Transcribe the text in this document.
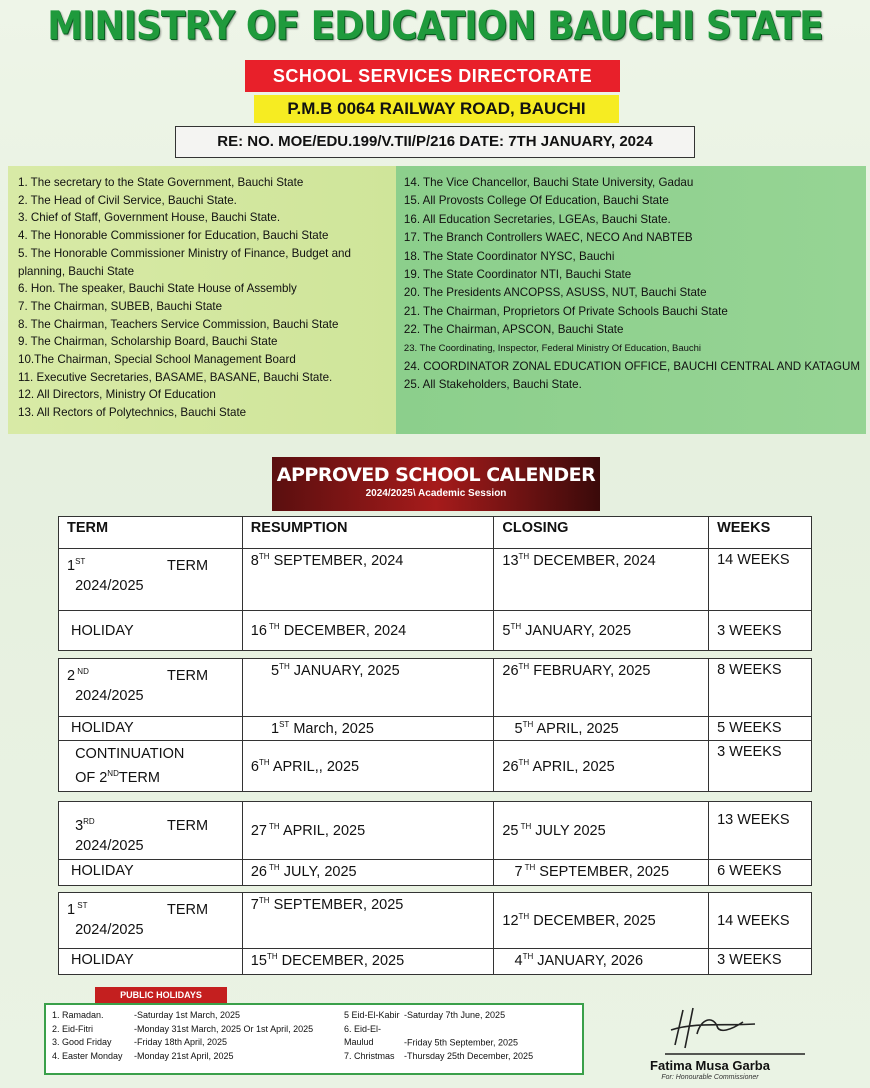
MINISTRY OF EDUCATION BAUCHI STATE
SCHOOL SERVICES DIRECTORATE
P.M.B 0064 RAILWAY ROAD, BAUCHI
RE: NO. MOE/EDU.199/V.TII/P/216 DATE: 7TH JANUARY, 2024
1. The secretary to the State Government, Bauchi State
2. The Head of Civil Service, Bauchi State.
3. Chief of Staff, Government House, Bauchi State.
4. The Honorable Commissioner for Education, Bauchi State
5. The Honorable Commissioner Ministry of Finance, Budget and planning, Bauchi State
6. Hon. The speaker, Bauchi State House of Assembly
7. The Chairman, SUBEB, Bauchi State
8. The Chairman, Teachers Service Commission, Bauchi State
9. The Chairman, Scholarship Board, Bauchi State
10.The Chairman, Special School Management Board
11. Executive Secretaries, BASAME, BASANE, Bauchi State.
12. All Directors, Ministry Of Education
13. All Rectors of Polytechnics, Bauchi State
14. The Vice Chancellor, Bauchi State University, Gadau
15. All Provosts College Of Education, Bauchi State
16. All Education Secretaries, LGEAs, Bauchi State.
17. The Branch Controllers WAEC, NECO And NABTEB
18. The State Coordinator NYSC, Bauchi
19. The State Coordinator NTI, Bauchi State
20. The Presidents ANCOPSS, ASUSS, NUT, Bauchi State
21. The Chairman, Proprietors Of Private Schools Bauchi State
22. The Chairman, APSCON, Bauchi State
23. The Coordinating, Inspector, Federal Ministry Of Education, Bauchi
24. COORDINATOR ZONAL EDUCATION OFFICE, BAUCHI CENTRAL AND KATAGUM
25. All Stakeholders, Bauchi State.
APPROVED SCHOOL CALENDER
2024/2025\ Academic Session
TERM	RESUMPTION	CLOSING	WEEKS
1ST TERM
2024/2025	8TH SEPTEMBER, 2024	13TH DECEMBER, 2024	14 WEEKS
HOLIDAY	16 $^{TH}$ DECEMBER, 2024	5TH JANUARY, 2025	3 WEEKS
2 $^{ND}$ TERM
2024/2025	5TH JANUARY, 2025	26TH FEBRUARY, 2025	8 WEEKS
HOLIDAY	1ST March, 2025	5TH APRIL, 2025	5 WEEKS
CONTINUATION
OF 2NDTERM	6TH APRIL,, 2025	26TH APRIL, 2025	3 WEEKS
3RD TERM
2024/2025	27 $^{TH}$ APRIL, 2025	25 $^{TH}$ JULY 2025	13 WEEKS
HOLIDAY	26 $^{TH}$ JULY, 2025	7 $^{TH}$ SEPTEMBER, 2025	6 WEEKS
1 $^{ST}$ TERM
2024/2025	7TH SEPTEMBER, 2025	12TH DECEMBER, 2025	14 WEEKS
HOLIDAY	15TH DECEMBER, 2025	4TH JANUARY, 2026	3 WEEKS
PUBLIC HOLIDAYS
1. Ramadan.	-Saturday 1st March, 2025
2. Eid-Fitri	-Monday 31st March, 2025 Or 1st April, 2025
3. Good Friday -Friday 18th April, 2025
4. Easter Monday -Monday 21st April, 2025
5 Eid-El-Kabir -Saturday 7th June, 2025
6. Eid-El-Maulud	-Friday 5th September, 2025
7. Christmas -Thursday 25th December, 2025
Fatima Musa Garba
For: Honourable Commissioner
